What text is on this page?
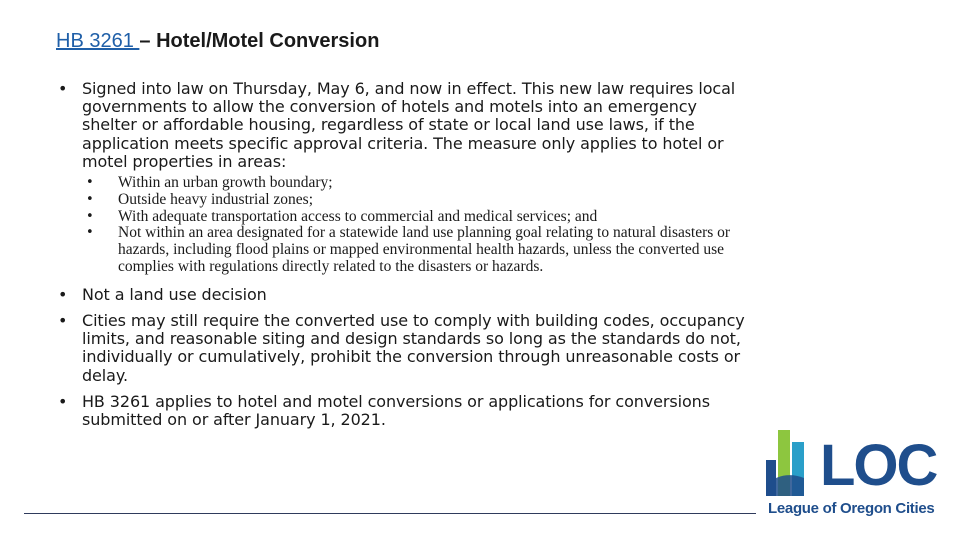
HB 3261 – Hotel/Motel Conversion
• Signed into law on Thursday, May 6, and now in effect. This new law requires local governments to allow the conversion of hotels and motels into an emergency shelter or affordable housing, regardless of state or local land use laws, if the application meets specific approval criteria. The measure only applies to hotel or motel properties in areas:
• Within an urban growth boundary;
• Outside heavy industrial zones;
• With adequate transportation access to commercial and medical services; and
• Not within an area designated for a statewide land use planning goal relating to natural disasters or hazards, including flood plains or mapped environmental health hazards, unless the converted use complies with regulations directly related to the disasters or hazards.
• Not a land use decision
• Cities may still require the converted use to comply with building codes, occupancy limits, and reasonable siting and design standards so long as the standards do not, individually or cumulatively, prohibit the conversion through unreasonable costs or delay.
• HB 3261 applies to hotel and motel conversions or applications for conversions submitted on or after January 1, 2021.
LOC
League of Oregon Cities
